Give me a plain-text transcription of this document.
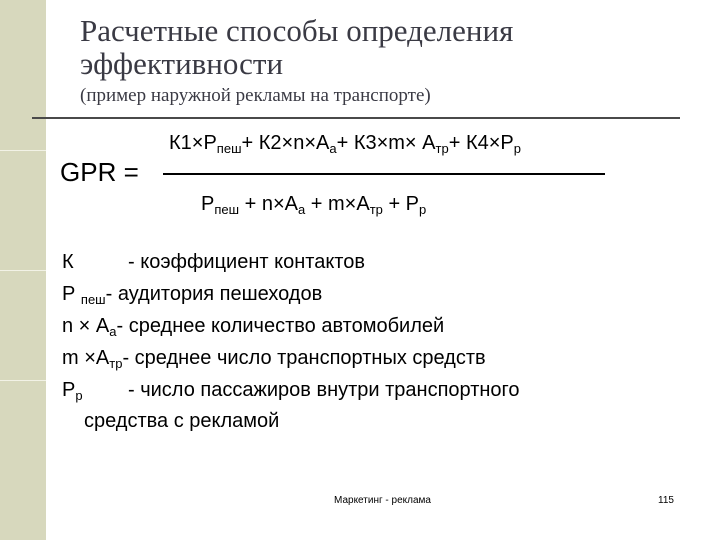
Расчетные способы определения
эффективности
(пример наружной рекламы на транспорте)
GPR =
$К1\times Р_{пеш}+ К2\times n\times А_а+ К3\times m\times А_{тр}+ К4\times Р_р$
$Р_{пеш} + n\times А_а + m\times А_{тр} + Р_р$
К	- коэффициент контактов
Р $_{пеш}$- аудитория пешеходов
$n \times А_а-$ среднее количество автомобилей
$m \times А_{тр}-$ среднее число транспортных средств
$Р_р$ - число пассажиров внутри транспортного
средства с рекламой
Маркетинг - реклама	115
